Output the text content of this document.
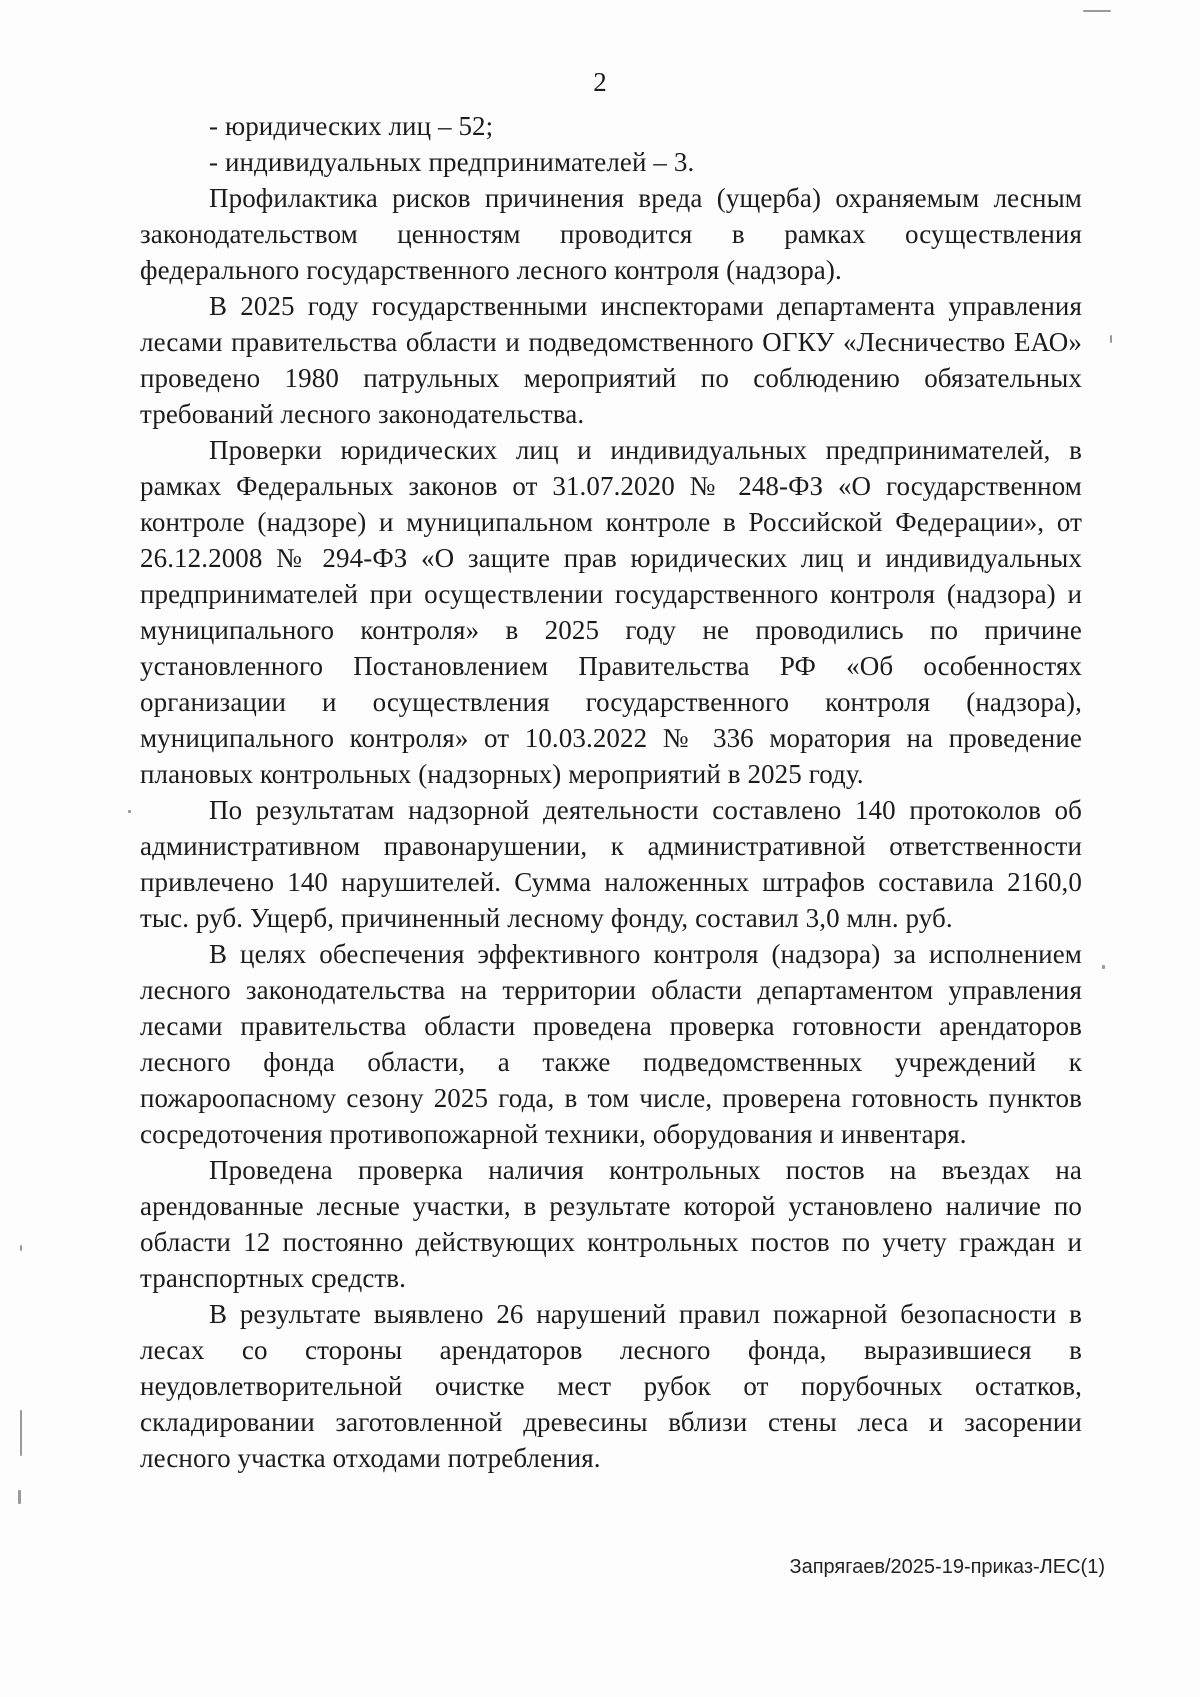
2

- юридических лиц – 52;

- индивидуальных предпринимателей – 3.

Профилактика рисков причинения вреда (ущерба) охраняемым лесным законодательством ценностям проводится в рамках осуществления федерального государственного лесного контроля (надзора).

В 2025 году государственными инспекторами департамента управления лесами правительства области и подведомственного ОГКУ «Лесничество ЕАО» проведено 1980 патрульных мероприятий по соблюдению обязательных требований лесного законодательства.

Проверки юридических лиц и индивидуальных предпринимателей, в рамках Федеральных законов от 31.07.2020 № 248-ФЗ «О государственном контроле (надзоре) и муниципальном контроле в Российской Федерации», от 26.12.2008 № 294-ФЗ «О защите прав юридических лиц и индивидуальных предпринимателей при осуществлении государственного контроля (надзора) и муниципального контроля» в 2025 году не проводились по причине установленного Постановлением Правительства РФ «Об особенностях организации и осуществления государственного контроля (надзора), муниципального контроля» от 10.03.2022 № 336 моратория на проведение плановых контрольных (надзорных) мероприятий в 2025 году.

По результатам надзорной деятельности составлено 140 протоколов об административном правонарушении, к административной ответственности привлечено 140 нарушителей. Сумма наложенных штрафов составила 2160,0 тыс. руб. Ущерб, причиненный лесному фонду, составил 3,0 млн. руб.

В целях обеспечения эффективного контроля (надзора) за исполнением лесного законодательства на территории области департаментом управления лесами правительства области проведена проверка готовности арендаторов лесного фонда области, а также подведомственных учреждений к пожароопасному сезону 2025 года, в том числе, проверена готовность пунктов сосредоточения противопожарной техники, оборудования и инвентаря.

Проведена проверка наличия контрольных постов на въездах на арендованные лесные участки, в результате которой установлено наличие по области 12 постоянно действующих контрольных постов по учету граждан и транспортных средств.

В результате выявлено 26 нарушений правил пожарной безопасности в лесах со стороны арендаторов лесного фонда, выразившиеся в неудовлетворительной очистке мест рубок от порубочных остатков, складировании заготовленной древесины вблизи стены леса и засорении лесного участка отходами потребления.

Запрягаев/2025-19-приказ-ЛЕС(1)
